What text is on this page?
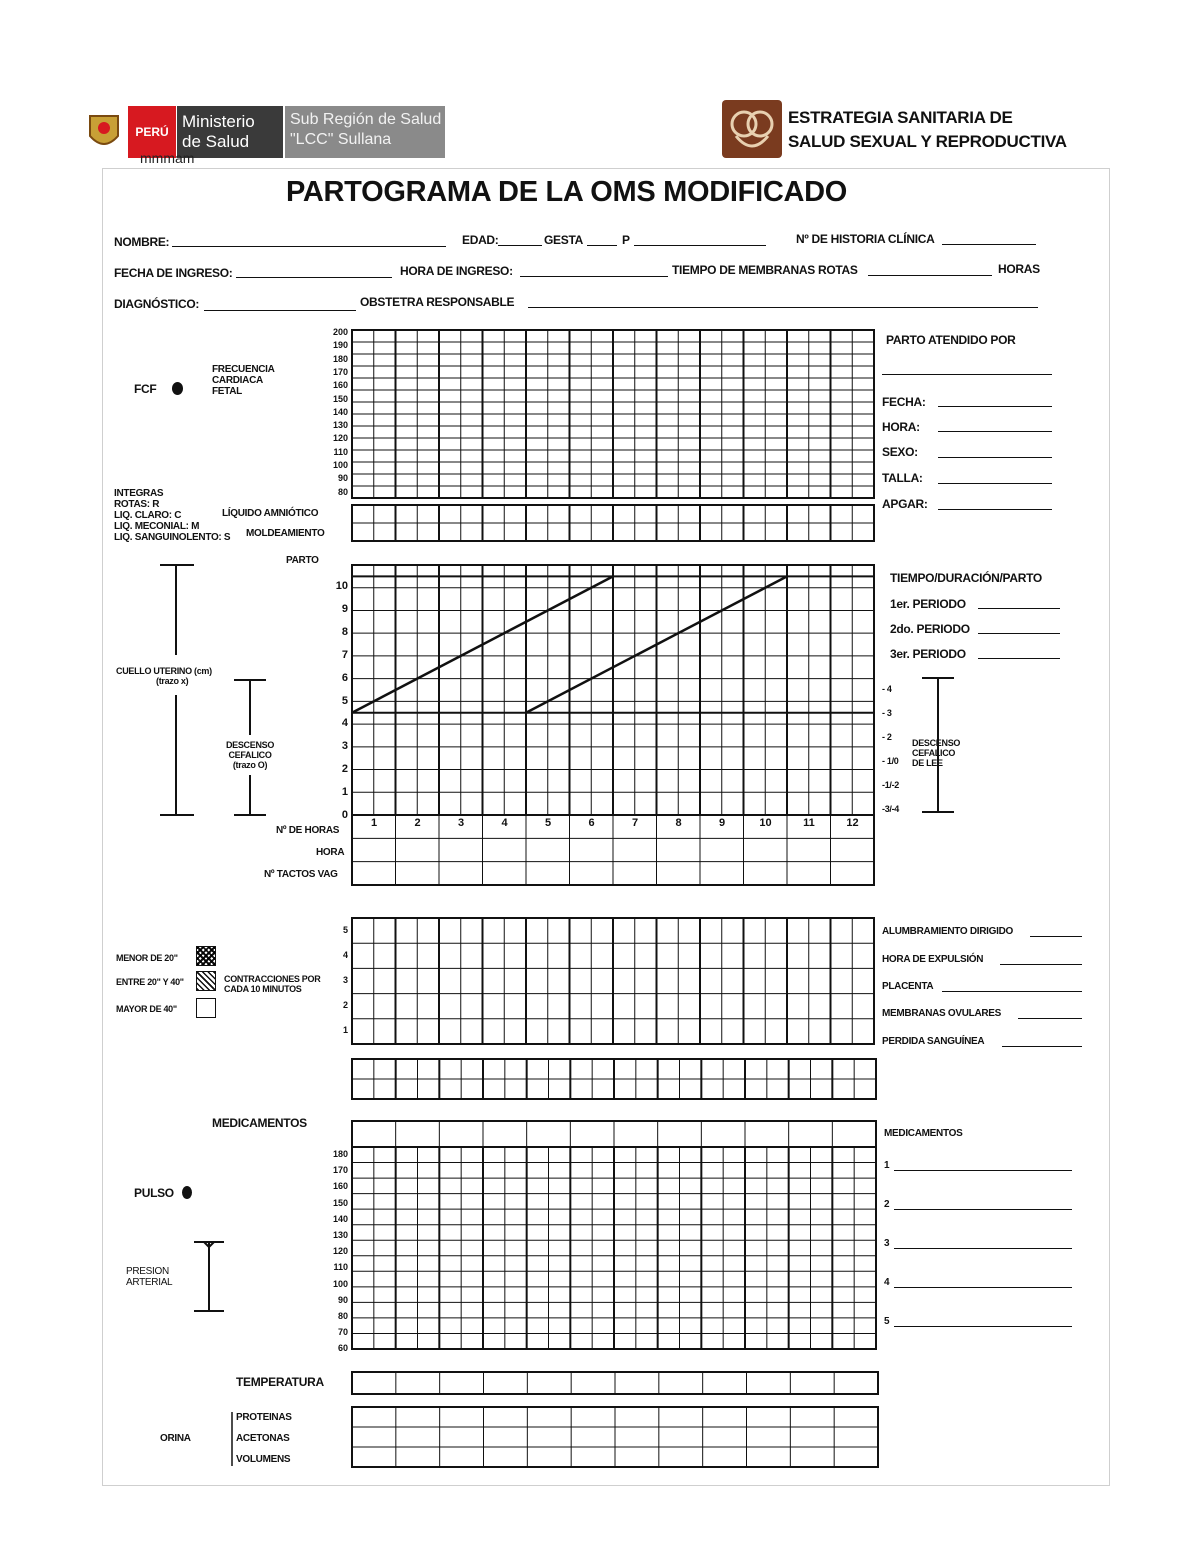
PERÚ
Ministerio
de Salud
Sub Región de Salud
"LCC" Sullana
mmmam
ESTRATEGIA SANITARIA DE
SALUD SEXUAL Y REPRODUCTIVA
PARTOGRAMA DE LA OMS MODIFICADO
NOMBRE:	EDAD:	GESTA	P	Nº DE HISTORIA CLÍNICA
FECHA DE INGRESO:	HORA DE INGRESO:	TIEMPO DE MEMBRANAS ROTAS	HORAS
DIAGNÓSTICO:	OBSTETRA RESPONSABLE
FCF
FRECUENCIA
CARDIACA
FETAL
200
190
180
170
160
150
140
130
120
110
100
90
80
INTEGRAS
ROTAS: R
LIQ. CLARO: C
LIQ. MECONIAL: M
LIQ. SANGUINOLENTO: S
LÍQUIDO AMNIÓTICO
MOLDEAMIENTO
PARTO ATENDIDO POR
FECHA:
HORA:
SEXO:
TALLA:
APGAR:
PARTO
CUELLO UTERINO (cm)
(trazo x)
DESCENSO
CEFALICO
(trazo O)
10
9
8
7
6
5
4
3
2
1
0
1	2	3	4	5	6	7	8	9	10	11	12
Nº DE HORAS
HORA
Nº TACTOS VAG
TIEMPO/DURACIÓN/PARTO
1er. PERIODO
2do. PERIODO
3er. PERIODO
- 4
- 3
- 2
- 1/0
-1/-2
-3/-4
DESCENSO
CEFALICO
DE LEE
MENOR DE 20"
ENTRE 20" Y 40"
MAYOR DE 40"
CONTRACCIONES POR
CADA 10 MINUTOS
5
4
3
2
1
ALUMBRAMIENTO DIRIGIDO
HORA DE EXPULSIÓN
PLACENTA
MEMBRANAS OVULARES
PERDIDA SANGUÍNEA
MEDICAMENTOS
MEDICAMENTOS
1
2
3
4
5
PULSO
PRESION
ARTERIAL
180
170
160
150
140
130
120
110
100
90
80
70
60
TEMPERATURA
ORINA
PROTEINAS
ACETONAS
VOLUMENS
